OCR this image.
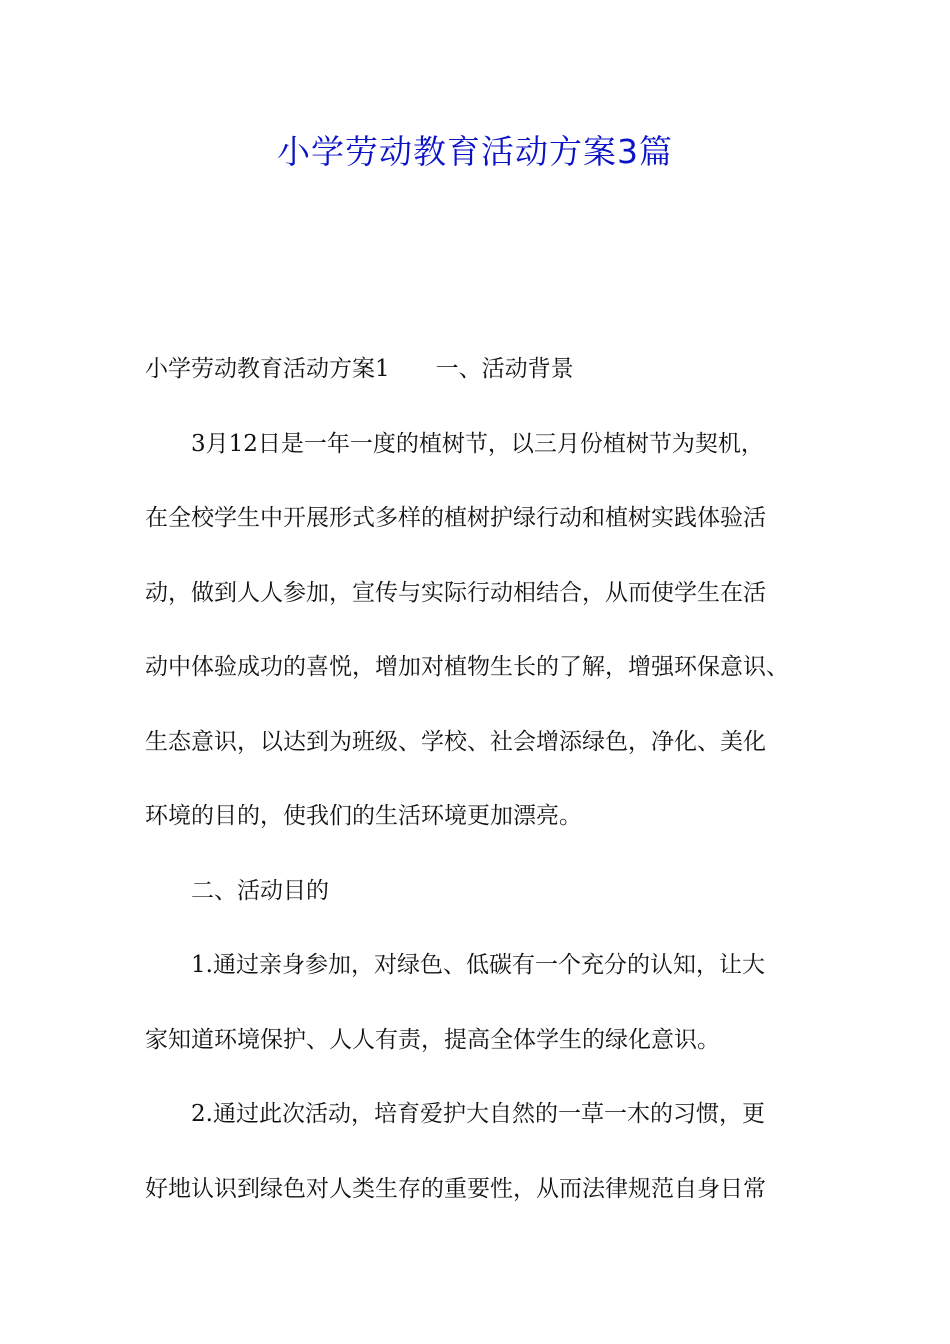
小学劳动教育活动方案3篇
小学劳动教育活动方案1 一、活动背景
3月12日是一年一度的植树节，以三月份植树节为契机，
在全校学生中开展形式多样的植树护绿行动和植树实践体验活
动，做到人人参加，宣传与实际行动相结合，从而使学生在活
动中体验成功的喜悦，增加对植物生长的了解，增强环保意识、
生态意识，以达到为班级、学校、社会增添绿色，净化、美化
环境的目的，使我们的生活环境更加漂亮。
二、活动目的
1.通过亲身参加，对绿色、低碳有一个充分的认知，让大
家知道环境保护、人人有责，提高全体学生的绿化意识。
2.通过此次活动，培育爱护大自然的一草一木的习惯，更
好地认识到绿色对人类生存的重要性，从而法律规范自身日常
